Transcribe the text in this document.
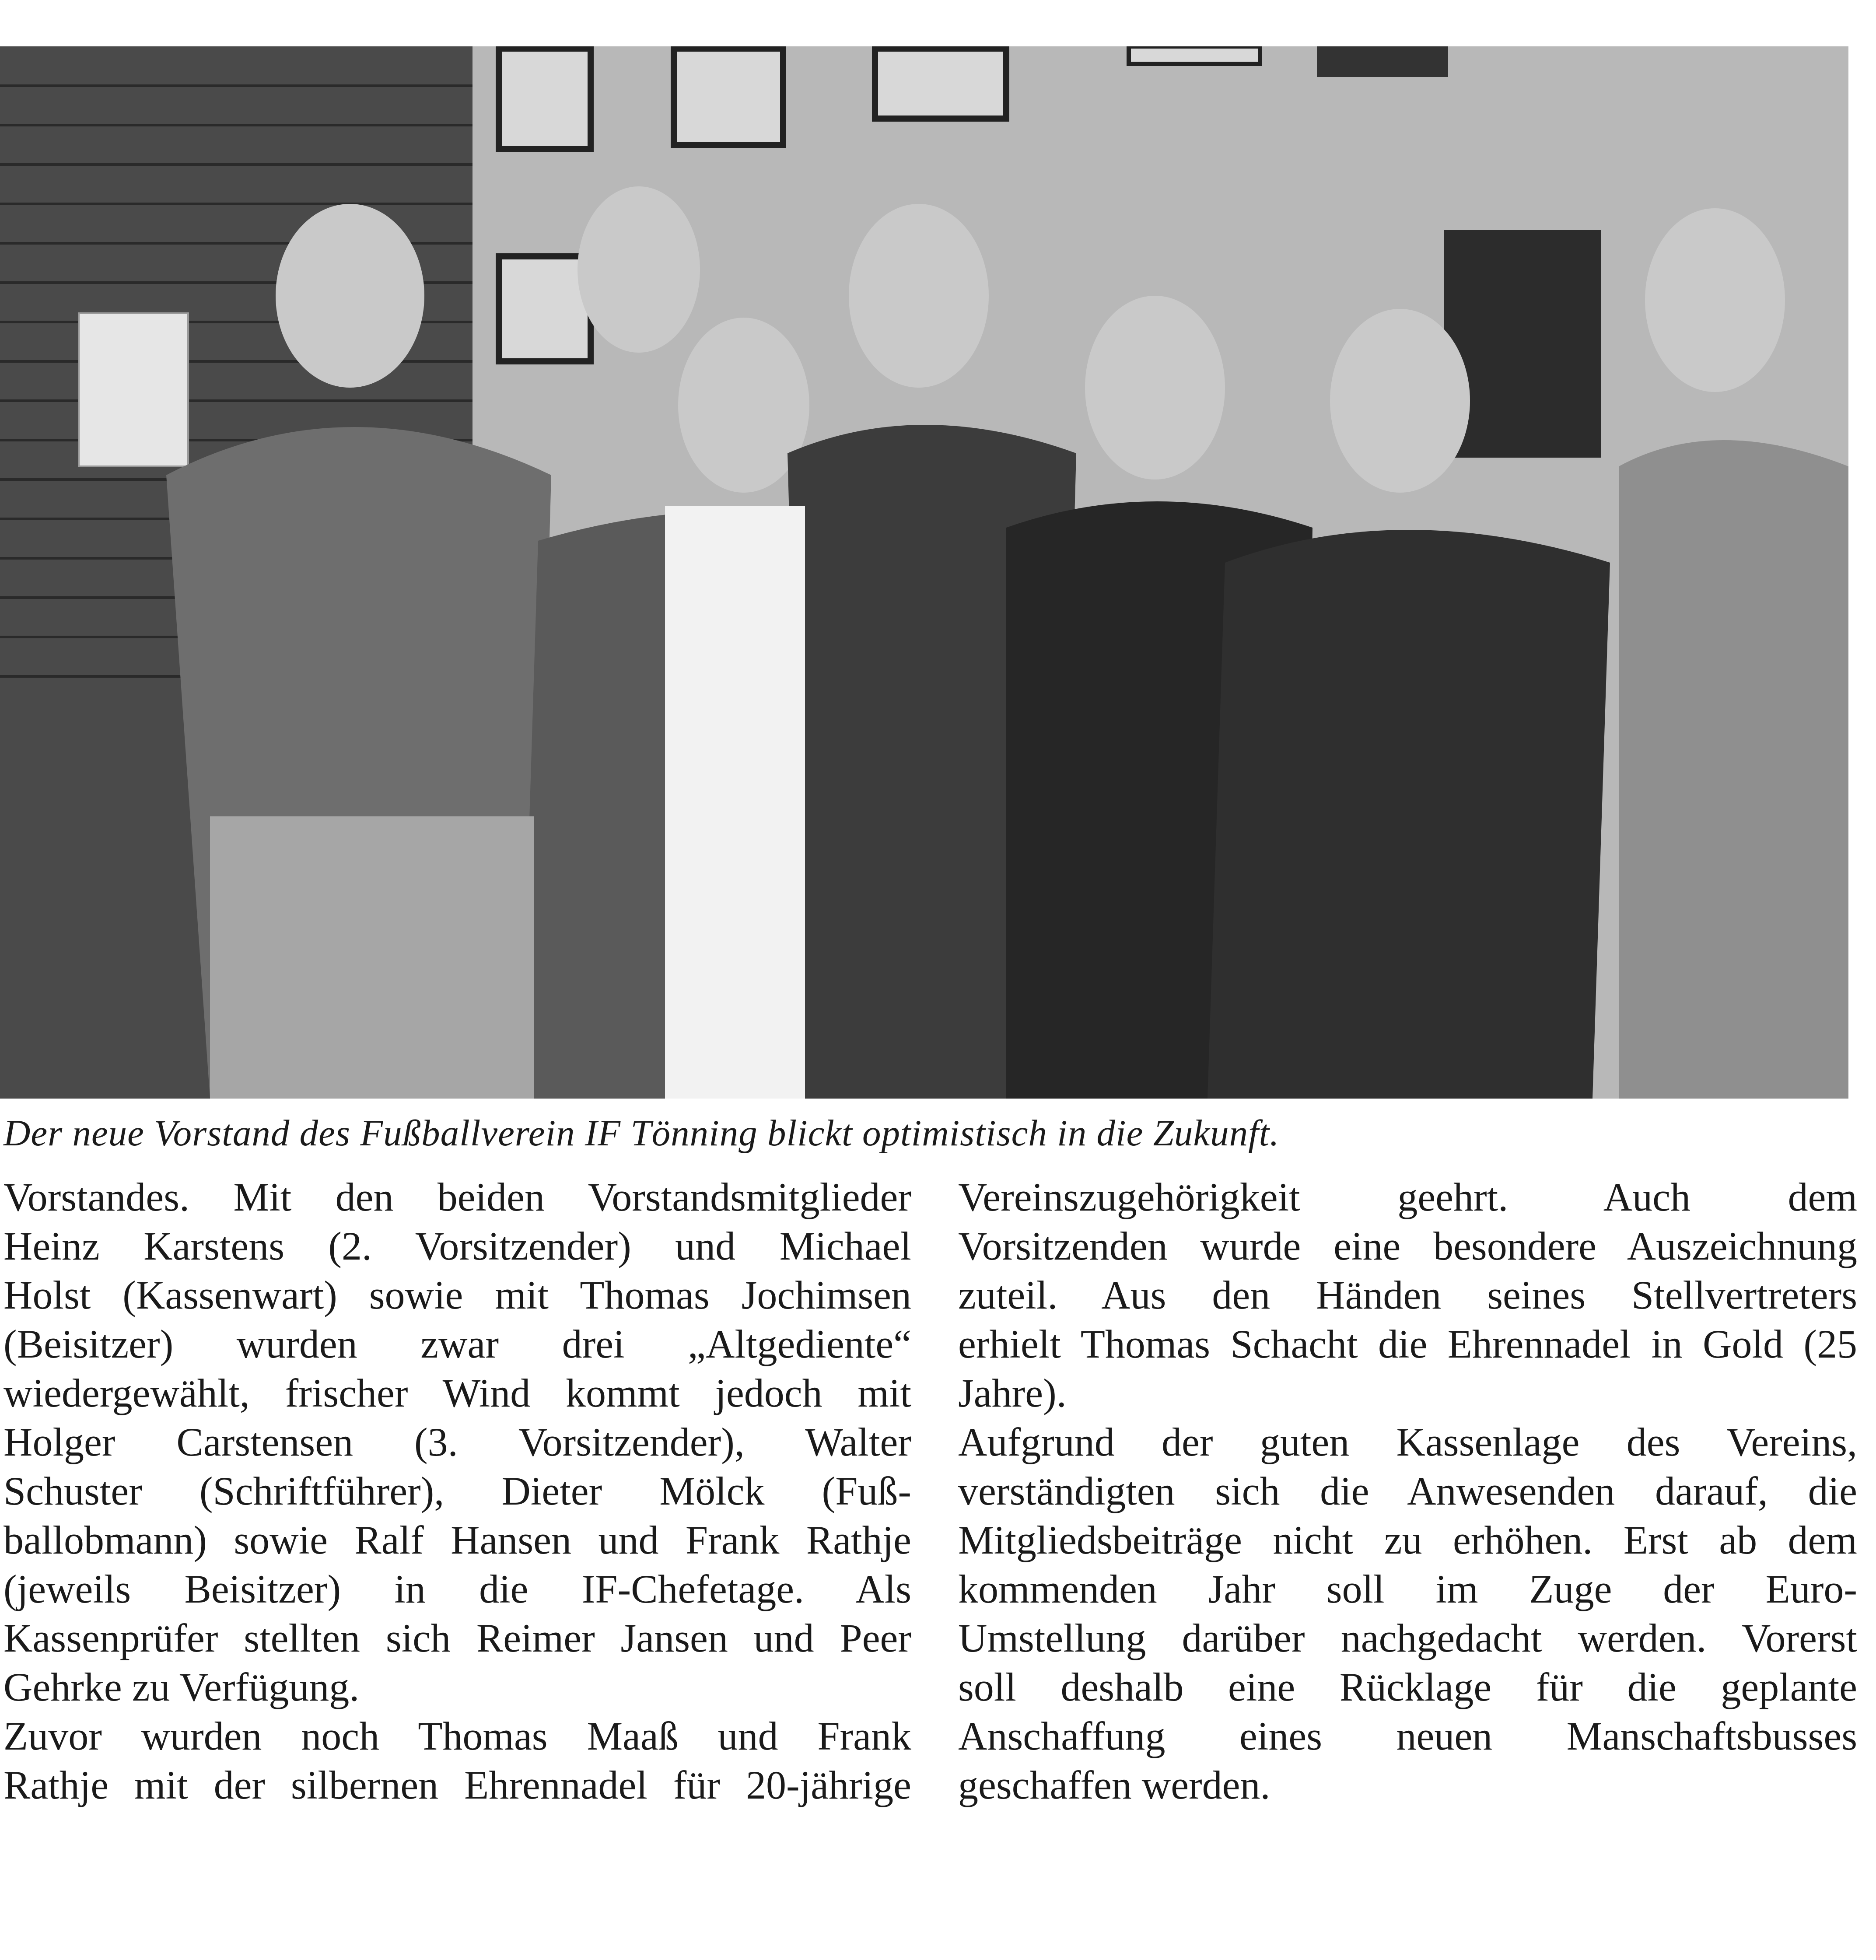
Der neue Vorstand des Fußballverein IF Tönning blickt optimistisch in die Zukunft.
Vorstandes. Mit den beiden Vorstandsmitglieder
Heinz Karstens (2. Vorsitzender) und Michael
Holst (Kassenwart) sowie mit Thomas Jochimsen
(Beisitzer) wurden zwar drei „Altgediente“
wiedergewählt, frischer Wind kommt jedoch mit
Holger Carstensen (3. Vorsitzender), Walter
Schuster (Schriftführer), Dieter Mölck (Fuß-
ballobmann) sowie Ralf Hansen und Frank Rathje
(jeweils Beisitzer) in die IF-Chefetage. Als
Kassenprüfer stellten sich Reimer Jansen und Peer
Gehrke zu Verfügung.
Zuvor wurden noch Thomas Maaß und Frank
Rathje mit der silbernen Ehrennadel für 20-jährige
Vereinszugehörigkeit geehrt. Auch dem
Vorsitzenden wurde eine besondere Auszeichnung
zuteil. Aus den Händen seines Stellvertreters
erhielt Thomas Schacht die Ehrennadel in Gold (25
Jahre).
Aufgrund der guten Kassenlage des Vereins,
verständigten sich die Anwesenden darauf, die
Mitgliedsbeiträge nicht zu erhöhen. Erst ab dem
kommenden Jahr soll im Zuge der Euro-
Umstellung darüber nachgedacht werden. Vorerst
soll deshalb eine Rücklage für die geplante
Anschaffung eines neuen Manschaftsbusses
geschaffen werden.
